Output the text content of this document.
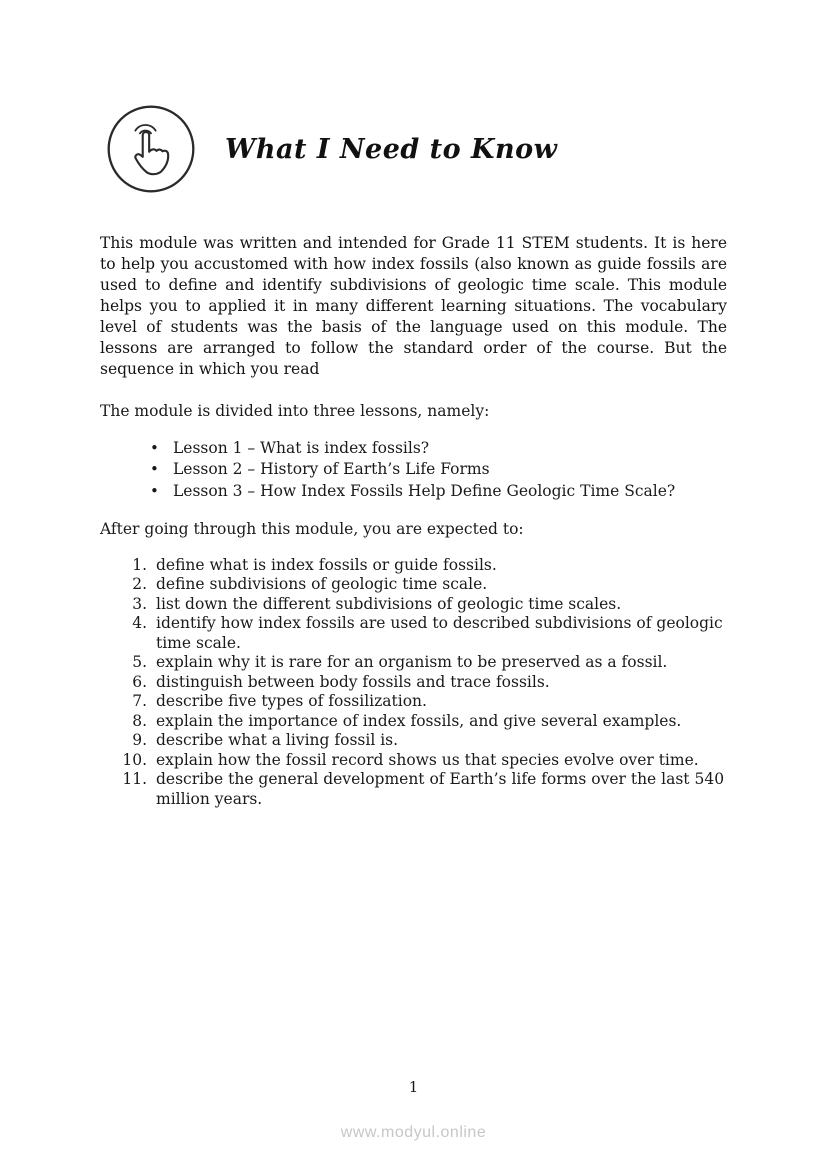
What I Need to Know

This module was written and intended for Grade 11 STEM students. It is here to help you accustomed with how index fossils (also known as guide fossils are used to define and identify subdivisions of geologic time scale. This module helps you to applied it in many different learning situations. The vocabulary level of students was the basis of the language used on this module. The lessons are arranged to follow the standard order of the course. But the sequence in which you read

The module is divided into three lessons, namely:

• Lesson 1 – What is index fossils?
• Lesson 2 – History of Earth’s Life Forms
• Lesson 3 – How Index Fossils Help Define Geologic Time Scale?

After going through this module, you are expected to:

1. define what is index fossils or guide fossils.
2. define subdivisions of geologic time scale.
3. list down the different subdivisions of geologic time scales.
4. identify how index fossils are used to described subdivisions of geologic time scale.
5. explain why it is rare for an organism to be preserved as a fossil.
6. distinguish between body fossils and trace fossils.
7. describe five types of fossilization.
8. explain the importance of index fossils, and give several examples.
9. describe what a living fossil is.
10. explain how the fossil record shows us that species evolve over time.
11. describe the general development of Earth’s life forms over the last 540 million years.
1
www.modyul.online
